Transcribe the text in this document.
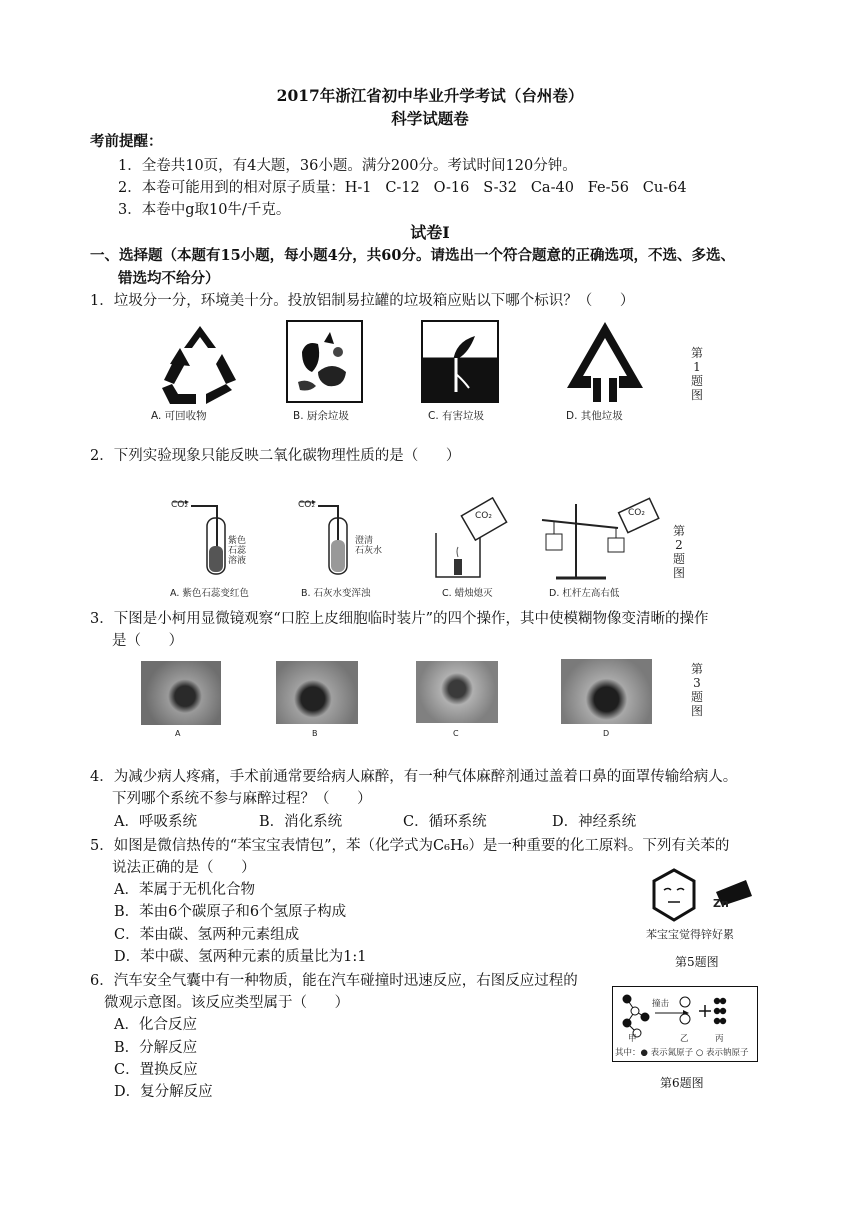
2017年浙江省初中毕业升学考试（台州卷）
科学试题卷
考前提醒：
1．全卷共10页，有4大题，36小题。满分200分。考试时间120分钟。
2．本卷可能用到的相对原子质量：H-1   C-12   O-16   S-32   Ca-40   Fe-56   Cu-64
3．本卷中g取10牛/千克。
试卷Ⅰ
一、选择题（本题有15小题，每小题4分，共60分。请选出一个符合题意的正确选项，不选、多选、
错选均不给分）
1．垃圾分一分，环境美十分。投放铝制易拉罐的垃圾箱应贴以下哪个标识？（      ）
A. 可回收物	B. 厨余垃圾	C. 有害垃圾	D. 其他垃圾
第1题图
2．下列实验现象只能反映二氧化碳物理性质的是（      ）
CO₂
紫色
石蕊
溶液
A. 紫色石蕊变红色
CO₂
澄清
石灰水
B. 石灰水变浑浊
CO₂
C. 蜡烛熄灭
CO₂
D. 杠杆左高右低
第2题图
3．下图是小柯用显微镜观察“口腔上皮细胞临时装片”的四个操作，其中使模糊物像变清晰的操作
是（      ）
A	B	C	D
第3题图
4．为减少病人疼痛，手术前通常要给病人麻醉，有一种气体麻醉剂通过盖着口鼻的面罩传输给病人。
下列哪个系统不参与麻醉过程？（      ）
A．呼吸系统	B．消化系统	C．循环系统	D．神经系统
5．如图是微信热传的“苯宝宝表情包”，苯（化学式为C₆H₆）是一种重要的化工原料。下列有关苯的
说法正确的是（      ）
A．苯属于无机化合物
B．苯由6个碳原子和6个氢原子构成
C．苯由碳、氢两种元素组成
D．苯中碳、氢两种元素的质量比为1:1
Zn
苯宝宝觉得锌好累
第5题图
6．汽车安全气囊中有一种物质，能在汽车碰撞时迅速反应，右图反应过程的
微观示意图。该反应类型属于（      ）
A．化合反应
B．分解反应
C．置换反应
D．复分解反应
撞击
甲	乙	丙
其中：● 表示氮原子 ○ 表示钠原子
第6题图
